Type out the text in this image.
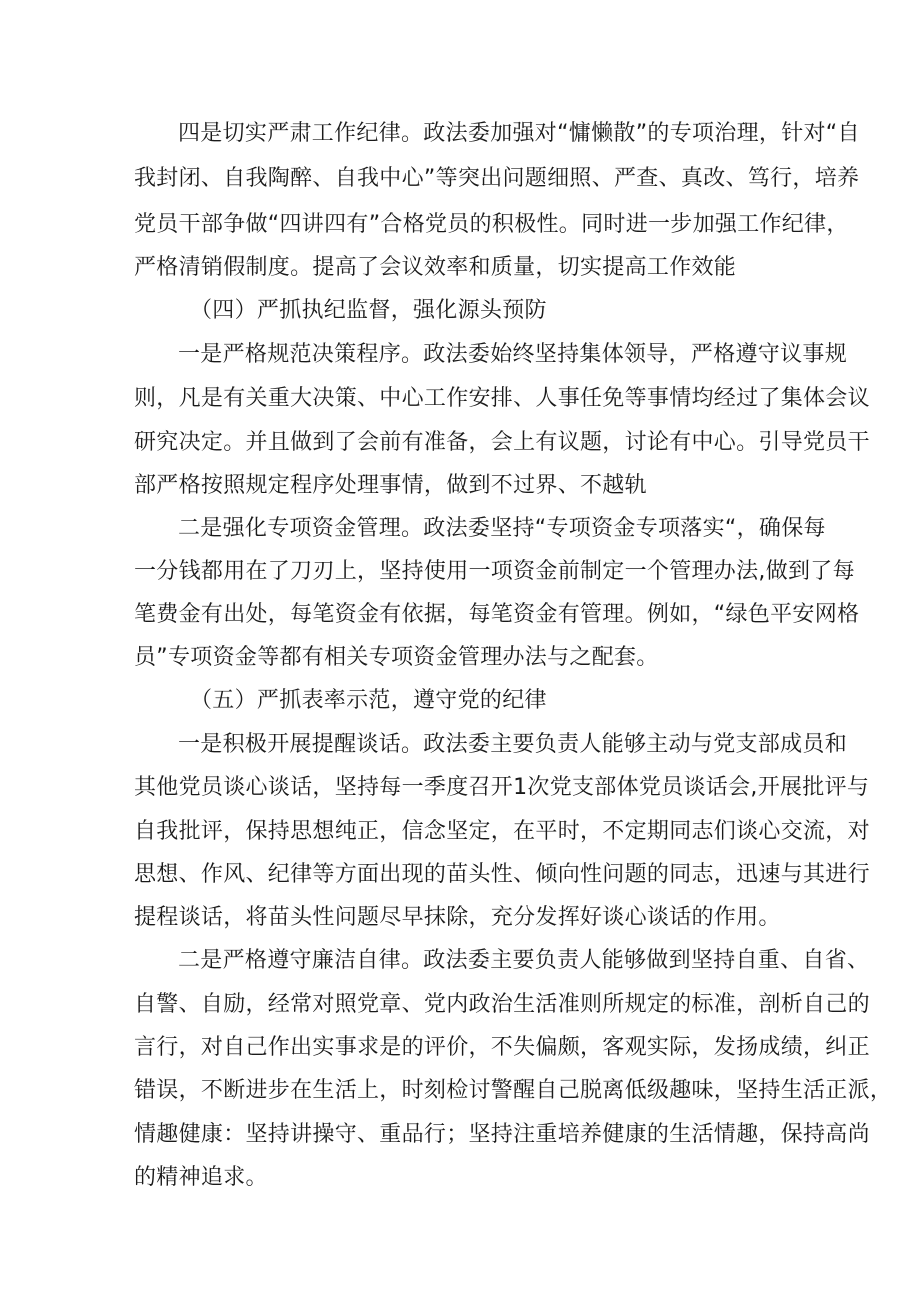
四是切实严肃工作纪律。政法委加强对“慵懒散”的专项治理，针对“自
我封闭、自我陶醉、自我中心”等突出问题细照、严查、真改、笃行，培养
党员干部争做“四讲四有”合格党员的积极性。同时进一步加强工作纪律，
严格清销假制度。提高了会议效率和质量，切实提高工作效能
（四）严抓执纪监督，强化源头预防
一是严格规范决策程序。政法委始终坚持集体领导，严格遵守议事规
则，凡是有关重大决策、中心工作安排、人事任免等事情均经过了集体会议
研究决定。并且做到了会前有准备，会上有议题，讨论有中心。引导党员干
部严格按照规定程序处理事情，做到不过界、不越轨
二是强化专项资金管理。政法委坚持“专项资金专项落实“，确保每
一分钱都用在了刀刃上，坚持使用一项资金前制定一个管理办法,做到了每
笔费金有出处，每笔资金有依据，每笔资金有管理。例如，“绿色平安网格
员”专项资金等都有相关专项资金管理办法与之配套。
（五）严抓表率示范，遵守党的纪律
一是积极开展提醒谈话。政法委主要负责人能够主动与党支部成员和
其他党员谈心谈话，坚持每一季度召开1次党支部体党员谈话会,开展批评与
自我批评，保持思想纯正，信念坚定，在平时，不定期同志们谈心交流，对
思想、作风、纪律等方面出现的苗头性、倾向性问题的同志，迅速与其进行
提程谈话，将苗头性问题尽早抹除，充分发挥好谈心谈话的作用。
二是严格遵守廉洁自律。政法委主要负责人能够做到坚持自重、自省、
自警、自励，经常对照党章、党内政治生活准则所规定的标准，剖析自己的
言行，对自己作出实事求是的评价，不失偏颇，客观实际，发扬成绩，纠正
错误，不断进步在生活上，时刻检讨警醒自己脱离低级趣味，坚持生活正派，
情趣健康：坚持讲操守、重品行；坚持注重培养健康的生活情趣，保持高尚
的精神追求。
